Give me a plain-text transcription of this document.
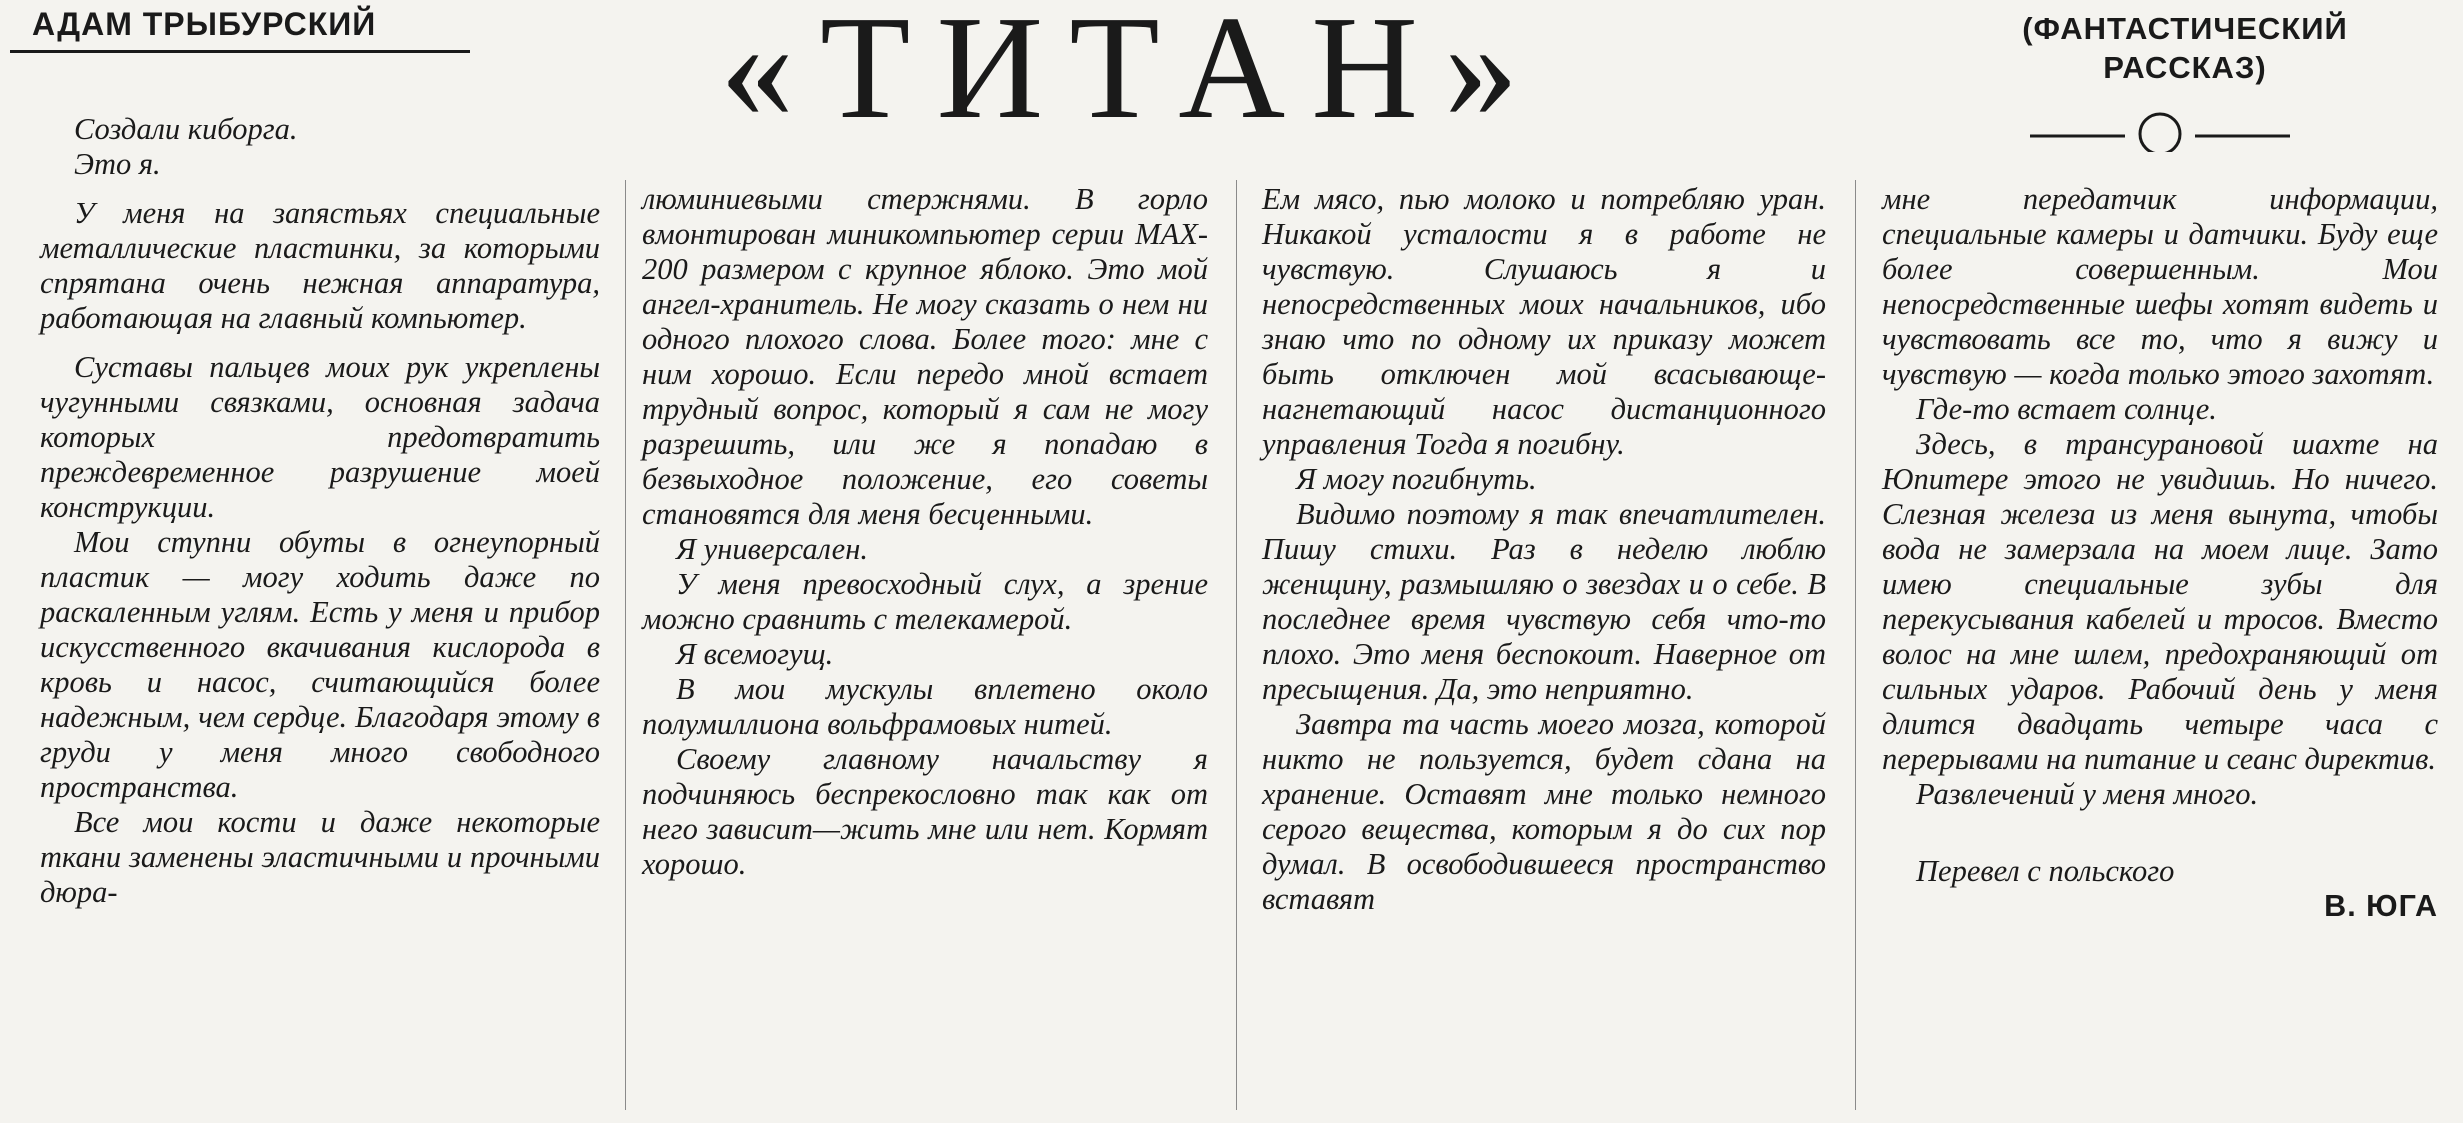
АДАМ ТРЫБУРСКИЙ	«ТИТАН»	(ФАНТАСТИЧЕСКИЙ
РАССКАЗ)

Создали киборга.

Это я.

У меня на запястьях специальные металлические пластинки, за которыми спрятана очень нежная аппаратура, работающая на главный компьютер.

Суставы пальцев моих рук укреплены чугунными связками, основная задача которых предотвратить преждевременное разрушение моей конструкции.

Мои ступни обуты в огнеупорный пластик — могу ходить даже по раскаленным углям. Есть у меня и прибор искусственного вкачивания кислорода в кровь и насос, считающийся более надежным, чем сердце. Благодаря этому в груди у меня много свободного пространства.

Все мои кости и даже некоторые ткани заменены эластичными и прочными дюра-

люминиевыми стержнями. В горло вмонтирован миникомпьютер серии MAX-200 размером с крупное яблоко. Это мой ангел-хранитель. Не могу сказать о нем ни одного плохого слова. Более того: мне с ним хорошо. Если передо мной встает трудный вопрос, который я сам не могу разрешить, или же я попадаю в безвыходное положение, его советы становятся для меня бесценными.

Я универсален.

У меня превосходный слух, а зрение можно сравнить с телекамерой.

Я всемогущ.

В мои мускулы вплетено около полумиллиона вольфрамовых нитей.

Своему главному начальству я подчиняюсь беспрекословно так как от него зависит—жить мне или нет. Кормят хорошо.

Ем мясо, пью молоко и потребляю уран. Никакой усталости я в работе не чувствую. Слушаюсь я и непосредственных моих начальников, ибо знаю что по одному их приказу может быть отключен мой всасывающе-нагнетающий насос дистанционного управления Тогда я погибну.

Я могу погибнуть.

Видимо поэтому я так впечатлителен. Пишу стихи. Раз в неделю люблю женщину, размышляю о звездах и о себе. В последнее время чувствую себя что-то плохо. Это меня беспокоит. Наверное от пресыщения. Да, это неприятно.

Завтра та часть моего мозга, которой никто не пользуется, будет сдана на хранение. Оставят мне только немного серого вещества, которым я до сих пор думал. В освободившееся пространство вставят

мне передатчик информации, специальные камеры и датчики. Буду еще более совершенным. Мои непосредственные шефы хотят видеть и чувствовать все то, что я вижу и чувствую — когда только этого захотят.

Где-то встает солнце.

Здесь, в трансурановой шахте на Юпитере этого не увидишь. Но ничего. Слезная железа из меня вынута, чтобы вода не замерзала на моем лице. Зато имею специальные зубы для перекусывания кабелей и тросов. Вместо волос на мне шлем, предохраняющий от сильных ударов. Рабочий день у меня длится двадцать четыре часа с перерывами на питание и сеанс директив.

Развлечений у меня много.

Перевел с польского

В. ЮГА
